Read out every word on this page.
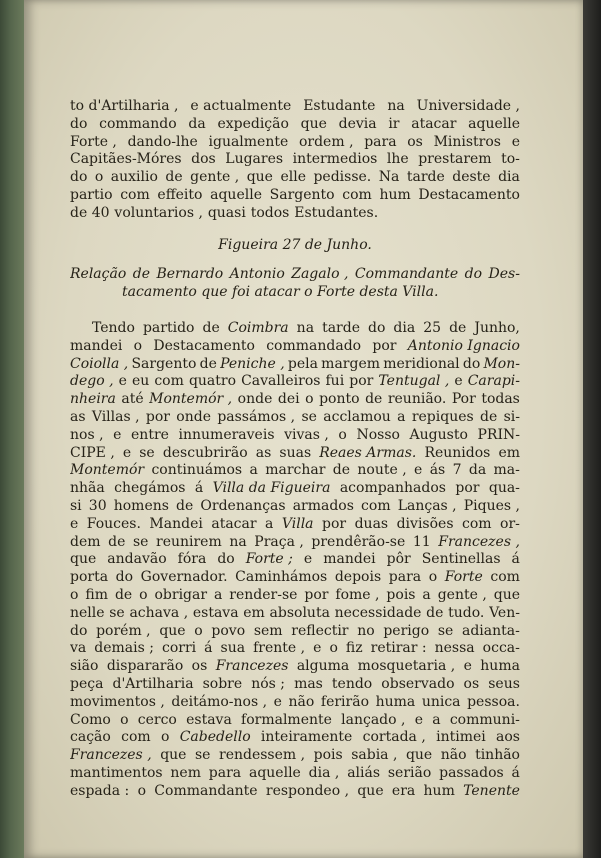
to d'Artilharia , e actualmente Estudante na Universidade ,
do commando da expedição que devia ir atacar aquelle
Forte , dando-lhe igualmente ordem , para os Ministros e
Capitães-Móres dos Lugares intermedios lhe prestarem to-
do o auxilio de gente , que elle pedisse. Na tarde deste dia
partio com effeito aquelle Sargento com hum Destacamento
de 40 voluntarios , quasi todos Estudantes.
Figueira 27 de Junho.
Relação de Bernardo Antonio Zagalo , Commandante do Des-
tacamento que foi atacar o Forte desta Villa.
Tendo partido de Coimbra na tarde do dia 25 de Junho,
mandei o Destacamento commandado por Antonio Ignacio
Coiolla , Sargento de Peniche , pela margem meridional do Mon-
dego , e eu com quatro Cavalleiros fui por Tentugal , e Carapi-
nheira até Montemór , onde dei o ponto de reunião. Por todas
as Villas , por onde passámos , se acclamou a repiques de si-
nos , e entre innumeraveis vivas , o Nosso Augusto PRIN-
CIPE , e se descubrirão as suas Reaes Armas. Reunidos em
Montemór continuámos a marchar de noute , e ás 7 da ma-
nhãa chegámos á Villa da Figueira acompanhados por qua-
si 30 homens de Ordenanças armados com Lanças , Piques ,
e Fouces. Mandei atacar a Villa por duas divisões com or-
dem de se reunirem na Praça , prendêrão-se 11 Francezes ,
que andavão fóra do Forte ; e mandei pôr Sentinellas á
porta do Governador. Caminhámos depois para o Forte com
o fim de o obrigar a render-se por fome , pois a gente , que
nelle se achava , estava em absoluta necessidade de tudo. Ven-
do porém , que o povo sem reflectir no perigo se adianta-
va demais ; corri á sua frente , e o fiz retirar : nessa occa-
sião dispararão os Francezes alguma mosquetaria , e huma
peça d'Artilharia sobre nós ; mas tendo observado os seus
movimentos , deitámo-nos , e não ferirão huma unica pessoa.
Como o cerco estava formalmente lançado , e a communi-
cação com o Cabedello inteiramente cortada , intimei aos
Francezes , que se rendessem , pois sabia , que não tinhão
mantimentos nem para aquelle dia , aliás serião passados á
espada : o Commandante respondeo , que era hum Tenente
